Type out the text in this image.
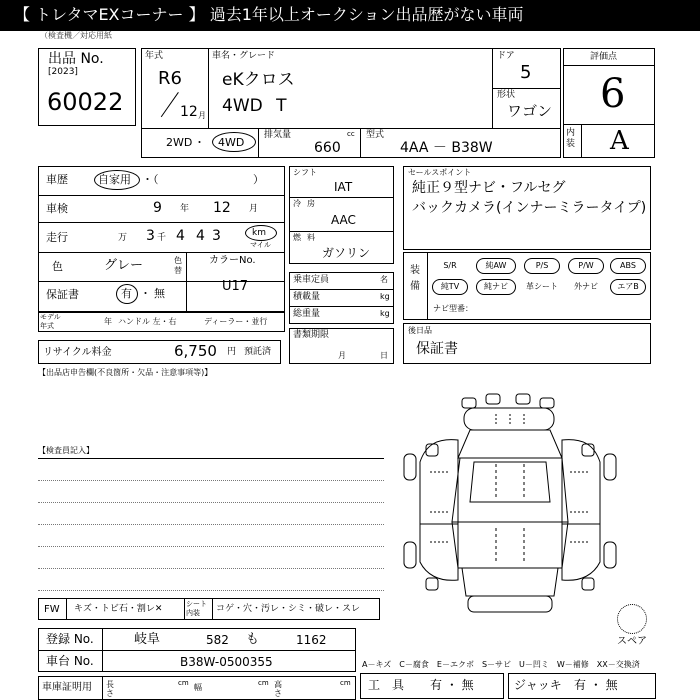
【 トレタマEXコーナー 】 過去1年以上オークション出品歴がない車両
（検査機／対応用紙
出品 No.
[2023]
60022
年式
R6
12 月
車名・グレード
eKクロス
4WD T
ドア
5
形状
ワゴン
2WD ・ 4WD
排気量	cc
660
型式
4AA － B38W
評価点
6
内装 A
車歴	自家用 ・（	）
車検	9 年 12 月
走行	万 3 千 4 4 3	km
マイル
色	グレー	色替
カラーNo.
U17
保証書	有 ・ 無
モデル年式	年 ハンドル 左・右	ディーラー・並行
リサイクル料金	6,750 円 預託済
シフト
IAT
冷房
AAC
燃料
ガソリン
乗車定員	名
積載量	kg
総重量	kg
書類期限
月	日
セールスポイント
純正９型ナビ・フルセグ
バックカメラ(インナーミラータイプ)
装備
S/R	純AW	P/S	P/W	ABS
純TV	純ナビ	革シート	外ナビ	エアB
ナビ型番：
後日品
保証書
【出品店申告欄(不良箇所・欠品・注意事項等)】
【検査員記入】
スペア
FW キズ・トビ石・割レ✕	シート内装	コゲ・穴・汚レ・シミ・破レ・スレ
登録 No.	岐阜	582 も	1162
車台 No.	B38W-0500355
車庫証明用 長さ
cm 幅	cm 高さ
cm
A－キズ　C－腐食　E－エクボ　S－サビ　U－凹ミ　W－補修　XX－交換済
工　具 有 ・ 無	ジャッキ 有 ・ 無
